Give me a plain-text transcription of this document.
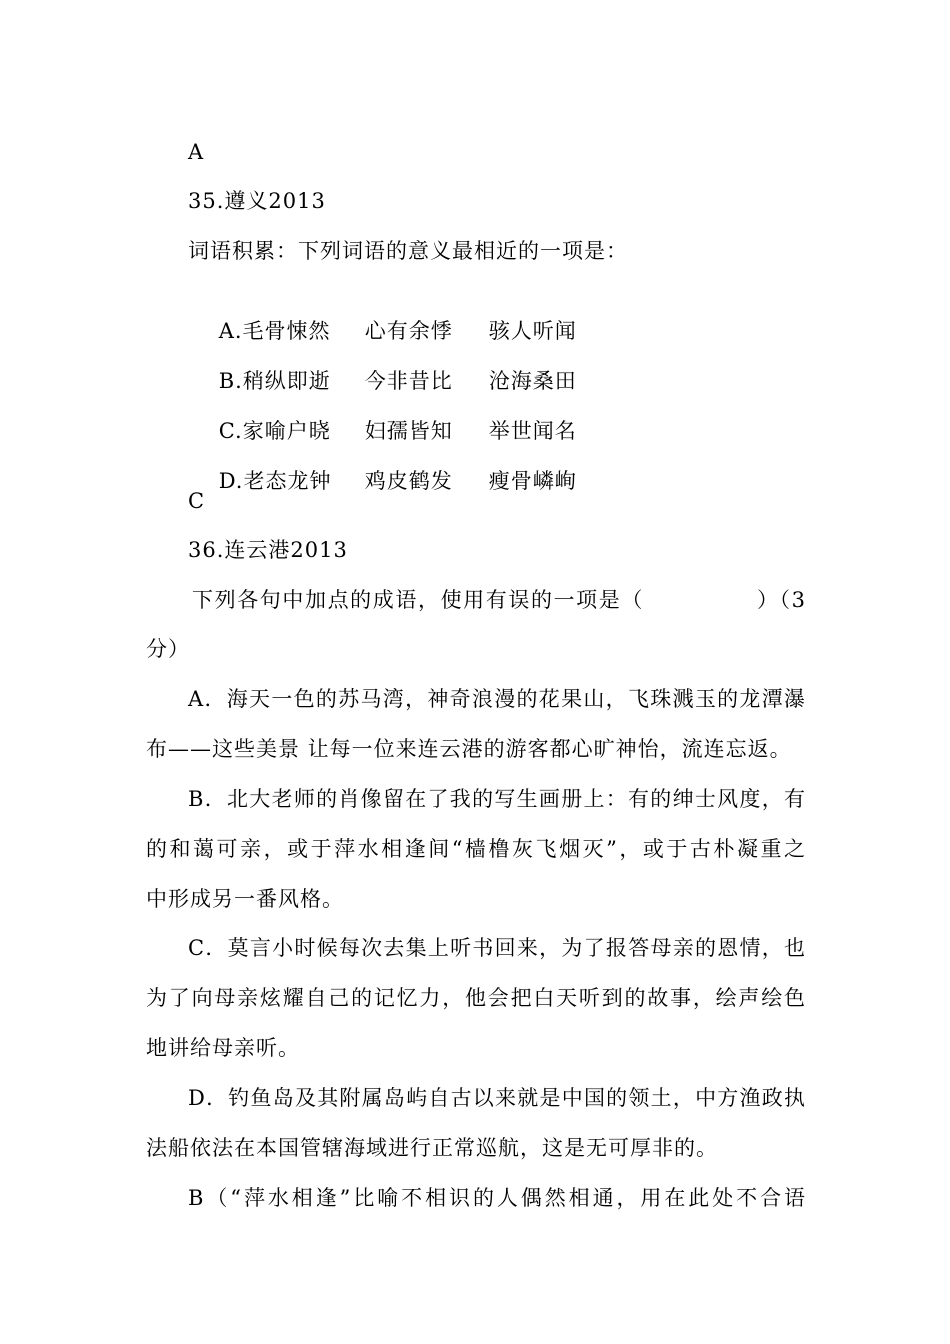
A
35.遵义2013
词语积累：下列词语的意义最相近的一项是：

A.毛骨悚然 心有余悸 骇人听闻

B.稍纵即逝 今非昔比 沧海桑田

C.家喻户晓 妇孺皆知 举世闻名

D.老态龙钟 鸡皮鹤发 瘦骨嶙峋

C
36.连云港2013
下列各句中加点的成语，使用有误的一项是（　　　　　）（3
分）
A．海天一色的苏马湾，神奇浪漫的花果山，飞珠溅玉的龙潭瀑
布——这些美景 让每一位来连云港的游客都心旷神怡，流连忘返。
B．北大老师的肖像留在了我的写生画册上：有的绅士风度，有
的和蔼可亲，或于萍水相逢间“樯橹灰飞烟灭”，或于古朴凝重之
中形成另一番风格。
C．莫言小时候每次去集上听书回来，为了报答母亲的恩情，也
为了向母亲炫耀自己的记忆力，他会把白天听到的故事，绘声绘色
地讲给母亲听。
D．钓鱼岛及其附属岛屿自古以来就是中国的领土，中方渔政执
法船依法在本国管辖海域进行正常巡航，这是无可厚非的。
B（“萍水相逢”比喻不相识的人偶然相通，用在此处不合语
